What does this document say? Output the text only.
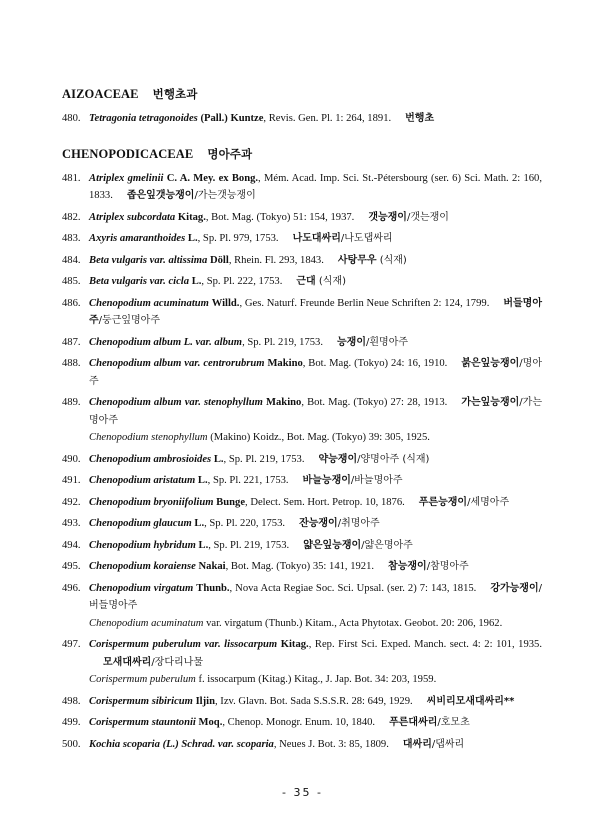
AIZOACEAE 번행초과
480. Tetragonia tetragonoides (Pall.) Kuntze, Revis. Gen. Pl. 1: 264, 1891. 번행초
CHENOPODICACEAE 명아주과
481. Atriplex gmelinii C. A. Mey. ex Bong., Mém. Acad. Imp. Sci. St.-Pétersbourg (ser. 6) Sci. Math. 2: 160, 1833. 좁은잎갯능쟁이/가는갯능쟁이
482. Atriplex subcordata Kitag., Bot. Mag. (Tokyo) 51: 154, 1937. 갯능쟁이/갯는쟁이
483. Axyris amaranthoides L., Sp. Pl. 979, 1753. 나도대싸리/나도댑싸리
484. Beta vulgaris var. altissima Döll, Rhein. Fl. 293, 1843. 사탕무우 (식재)
485. Beta vulgaris var. cicla L., Sp. Pl. 222, 1753. 근대 (식재)
486. Chenopodium acuminatum Willd., Ges. Naturf. Freunde Berlin Neue Schriften 2: 124, 1799. 버들명아주/둥근잎명아주
487. Chenopodium album L. var. album, Sp. Pl. 219, 1753. 능쟁이/흰명아주
488. Chenopodium album var. centrorubrum Makino, Bot. Mag. (Tokyo) 24: 16, 1910. 붉은잎능쟁이/명아주
489. Chenopodium album var. stenophyllum Makino, Bot. Mag. (Tokyo) 27: 28, 1913. 가는잎능쟁이/가는명아주
Chenopodium stenophyllum (Makino) Koidz., Bot. Mag. (Tokyo) 39: 305, 1925.
490. Chenopodium ambrosioides L., Sp. Pl. 219, 1753. 약능쟁이/양명아주 (식재)
491. Chenopodium aristatum L., Sp. Pl. 221, 1753. 바늘능쟁이/바늘명아주
492. Chenopodium bryoniifolium Bunge, Delect. Sem. Hort. Petrop. 10, 1876. 푸른능쟁이/세명아주
493. Chenopodium glaucum L., Sp. Pl. 220, 1753. 잔능쟁이/취명아주
494. Chenopodium hybridum L., Sp. Pl. 219, 1753. 얇은잎능쟁이/얇은명아주
495. Chenopodium koraiense Nakai, Bot. Mag. (Tokyo) 35: 141, 1921. 참능쟁이/참명아주
496. Chenopodium virgatum Thunb., Nova Acta Regiae Soc. Sci. Upsal. (ser. 2) 7: 143, 1815. 강가능쟁이/버들명아주
Chenopodium acuminatum var. virgatum (Thunb.) Kitam., Acta Phytotax. Geobot. 20: 206, 1962.
497. Corispermum puberulum var. lissocarpum Kitag., Rep. First Sci. Exped. Manch. sect. 4: 2: 101, 1935.모새대싸리/장다리나물
Corispermum puberulum f. issocarpum (Kitag.) Kitag., J. Jap. Bot. 34: 203, 1959.
498. Corispermum sibiricum Iljin, Izv. Glavn. Bot. Sada S.S.S.R. 28: 649, 1929. 씨비리모새대싸리**
499. Corispermum stauntonii Moq., Chenop. Monogr. Enum. 10, 1840. 푸른대싸리/호모초
500. Kochia scoparia (L.) Schrad. var. scoparia, Neues J. Bot. 3: 85, 1809. 대싸리/댑싸리
- 35 -
